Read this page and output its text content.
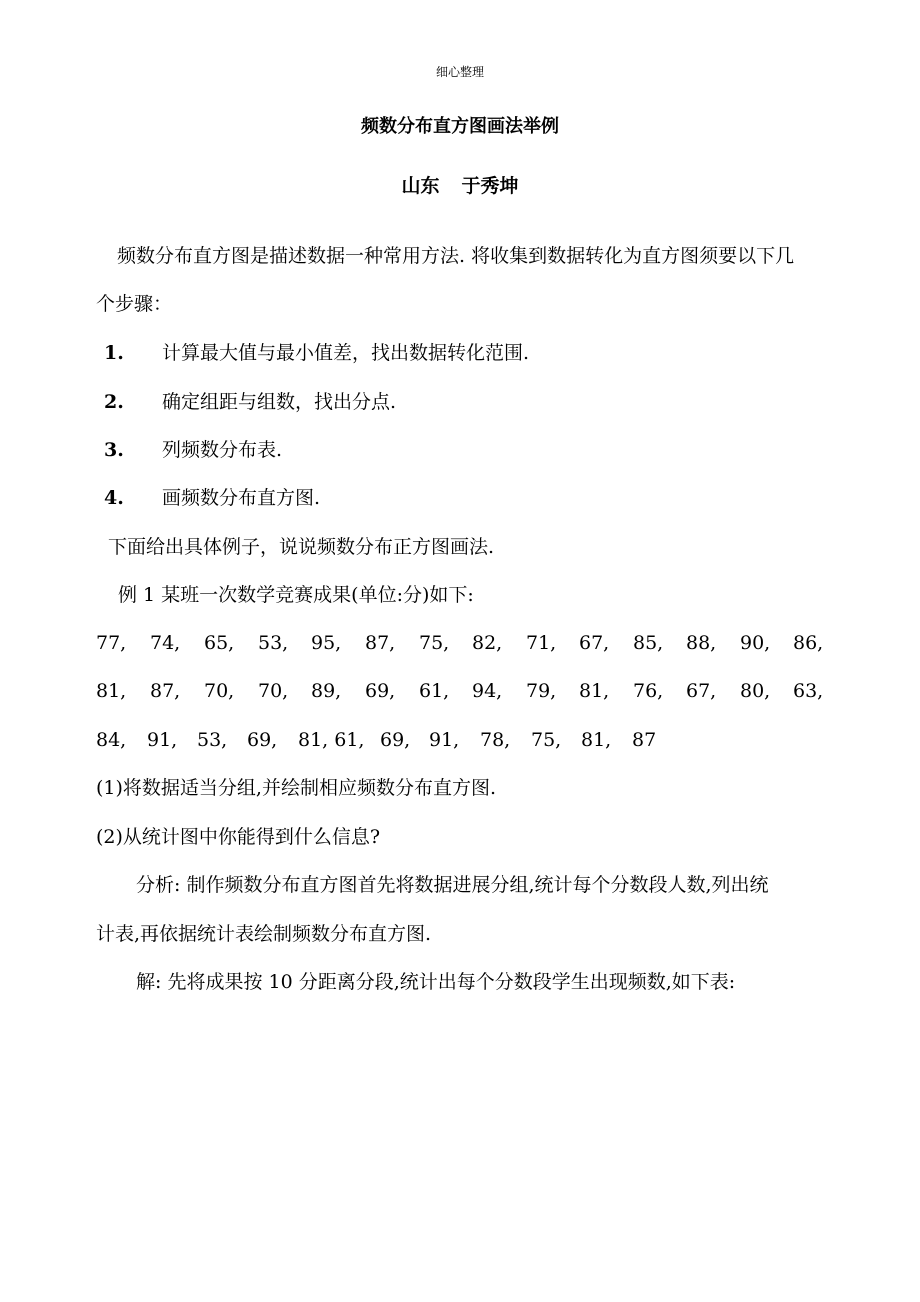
细心整理
频数分布直方图画法举例
山东 于秀坤
频数分布直方图是描述数据一种常用方法. 将收集到数据转化为直方图须要以下几
个步骤：
1. 计算最大值与最小值差，找出数据转化范围.
2. 确定组距与组数，找出分点.
3. 列频数分布表.
4. 画频数分布直方图.
下面给出具体例子，说说频数分布正方图画法.
例 1 某班一次数学竞赛成果(单位:分)如下:
77, 74, 65, 53, 95, 87, 75, 82, 71, 67, 85, 88, 90, 86,
81, 87, 70, 70, 89, 69, 61, 94, 79, 81, 76, 67, 80, 63,
84, 91, 53, 69, 81, 61, 69, 91, 78, 75, 81, 87
(1)将数据适当分组,并绘制相应频数分布直方图.
(2)从统计图中你能得到什么信息?
分析: 制作频数分布直方图首先将数据进展分组,统计每个分数段人数,列出统
计表,再依据统计表绘制频数分布直方图.
解: 先将成果按 10 分距离分段,统计出每个分数段学生出现频数,如下表:
